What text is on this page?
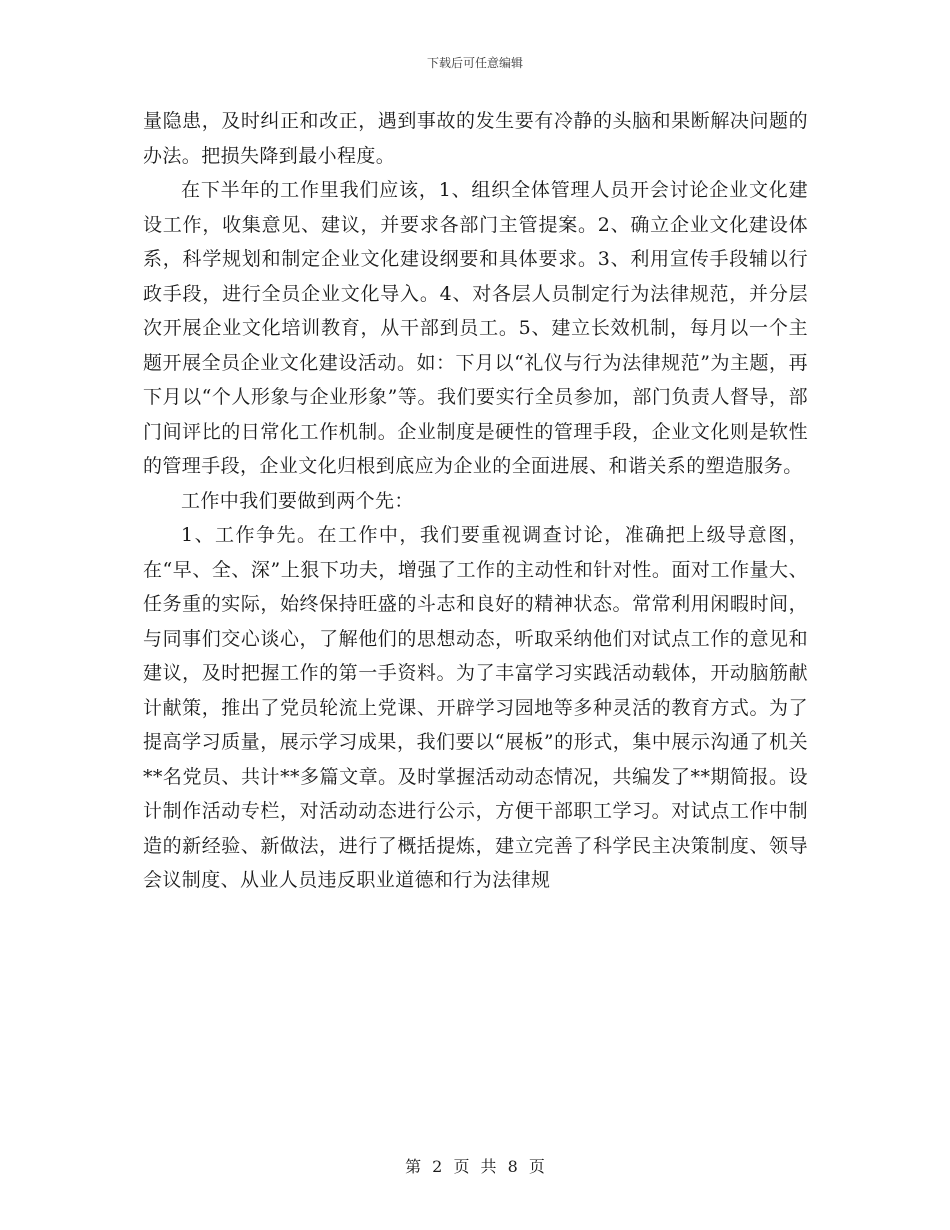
下载后可任意编辑

量隐患，及时纠正和改正，遇到事故的发生要有冷静的头脑和果断解决问题的办法。把损失降到最小程度。

在下半年的工作里我们应该，1、组织全体管理人员开会讨论企业文化建设工作，收集意见、建议，并要求各部门主管提案。2、确立企业文化建设体系，科学规划和制定企业文化建设纲要和具体要求。3、利用宣传手段辅以行政手段，进行全员企业文化导入。4、对各层人员制定行为法律规范，并分层次开展企业文化培训教育，从干部到员工。5、建立长效机制，每月以一个主题开展全员企业文化建设活动。如：下月以“礼仪与行为法律规范”为主题，再下月以“个人形象与企业形象”等。我们要实行全员参加，部门负责人督导，部门间评比的日常化工作机制。企业制度是硬性的管理手段，企业文化则是软性的管理手段，企业文化归根到底应为企业的全面进展、和谐关系的塑造服务。

工作中我们要做到两个先：

1、工作争先。在工作中，我们要重视调查讨论，准确把上级导意图，在“早、全、深”上狠下功夫，增强了工作的主动性和针对性。面对工作量大、任务重的实际，始终保持旺盛的斗志和良好的精神状态。常常利用闲暇时间，与同事们交心谈心，了解他们的思想动态，听取采纳他们对试点工作的意见和建议，及时把握工作的第一手资料。为了丰富学习实践活动载体，开动脑筋献计献策，推出了党员轮流上党课、开辟学习园地等多种灵活的教育方式。为了提高学习质量，展示学习成果，我们要以“展板”的形式，集中展示沟通了机关**名党员、共计**多篇文章。及时掌握活动动态情况，共编发了**期简报。设计制作活动专栏，对活动动态进行公示，方便干部职工学习。对试点工作中制造的新经验、新做法，进行了概括提炼，建立完善了科学民主决策制度、领导会议制度、从业人员违反职业道德和行为法律规

第 2 页 共 8 页
